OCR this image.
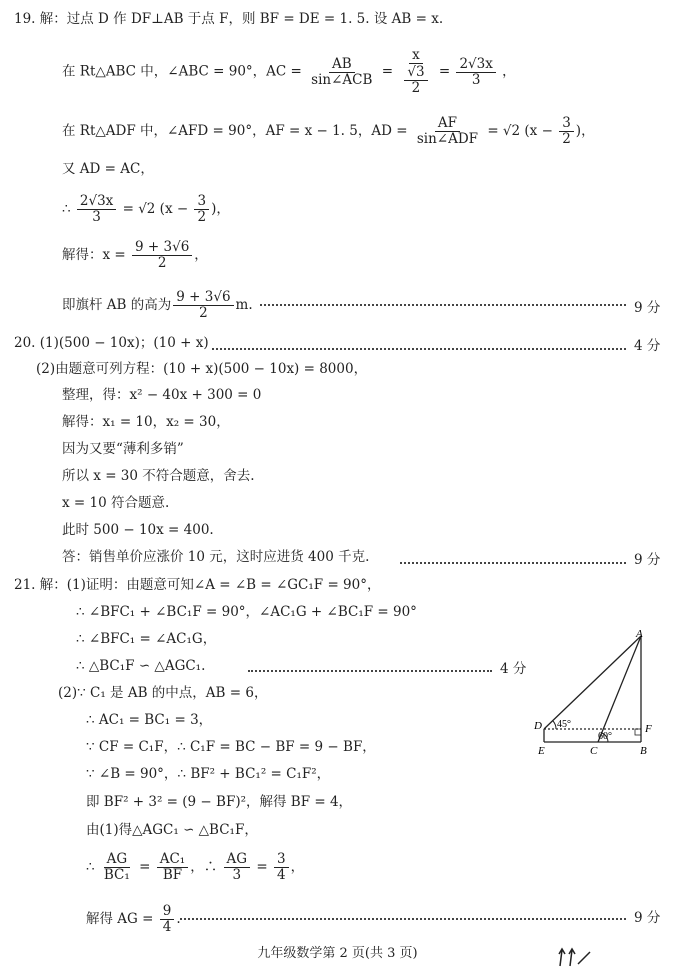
19. 解：过点 D 作 DF⊥AB 于点 F，则 BF = DE = 1. 5. 设 AB = x.
在 Rt△ABC 中，∠ABC = 90°，AC = $\frac{AB}{\text{sin∠ACB}} = \frac{x}{\frac{√3}{2}} = \frac{2√3x}{3}$ ，
在 Rt△ADF 中，∠AFD = 90°，AF = x − 1. 5，AD = $\frac{AF}{\text{sin∠ADF}} = √2$ ($x - \frac{3}{2}$ )，
又 AD = AC，
∴ $\frac{2√3x}{3} = √2$ ($x - \frac{3}{2}$ )，
解得：$x = \frac{9 + 3√6}{2}$ ，
即旗杆 AB 的高为 $\frac{9 + 3√6}{2} m$.	9 分
20. (1)(500 − 10x)；(10 + x)	4 分
(2)由题意可列方程：(10 + x)(500 − 10x) = 8000，
整理，得：x² − 40x + 300 = 0
解得：x₁ = 10，x₂ = 30，
因为又要“薄利多销”
所以 x = 30 不符合题意，舍去.
x = 10 符合题意.
此时 500 − 10x = 400.
答：销售单价应涨价 10 元，这时应进货 400 千克.	9 分
21. 解：(1)证明：由题意可知∠A = ∠B = ∠GC₁F = 90°，
∴ ∠BFC₁ + ∠BC₁F = 90°，∠AC₁G + ∠BC₁F = 90°
∴ ∠BFC₁ = ∠AC₁G，
∴ △BC₁F ∽ △AGC₁.	4 分
(2)∵ C₁ 是 AB 的中点，AB = 6，
∴ AC₁ = BC₁ = 3，
∵ CF = C₁F，∴ C₁F = BC − BF = 9 − BF，
∵ ∠B = 90°，∴ BF² + BC₁² = C₁F²，
即 BF² + 3² = (9 − BF)²，解得 BF = 4，
由(1)得△AGC₁ ∽ △BC₁F，
∴ $\frac{AG}{\text{BC₁}} = \frac{\text{AC₁}}{BF}$ ，∴ $\frac{AG}{3} = \frac{3}{4}$ ，
解得 AG = $\frac{9}{4}$ .	9 分
A
D	F
E	C	B
45°
60°
九年级数学第 2 页(共 3 页)
